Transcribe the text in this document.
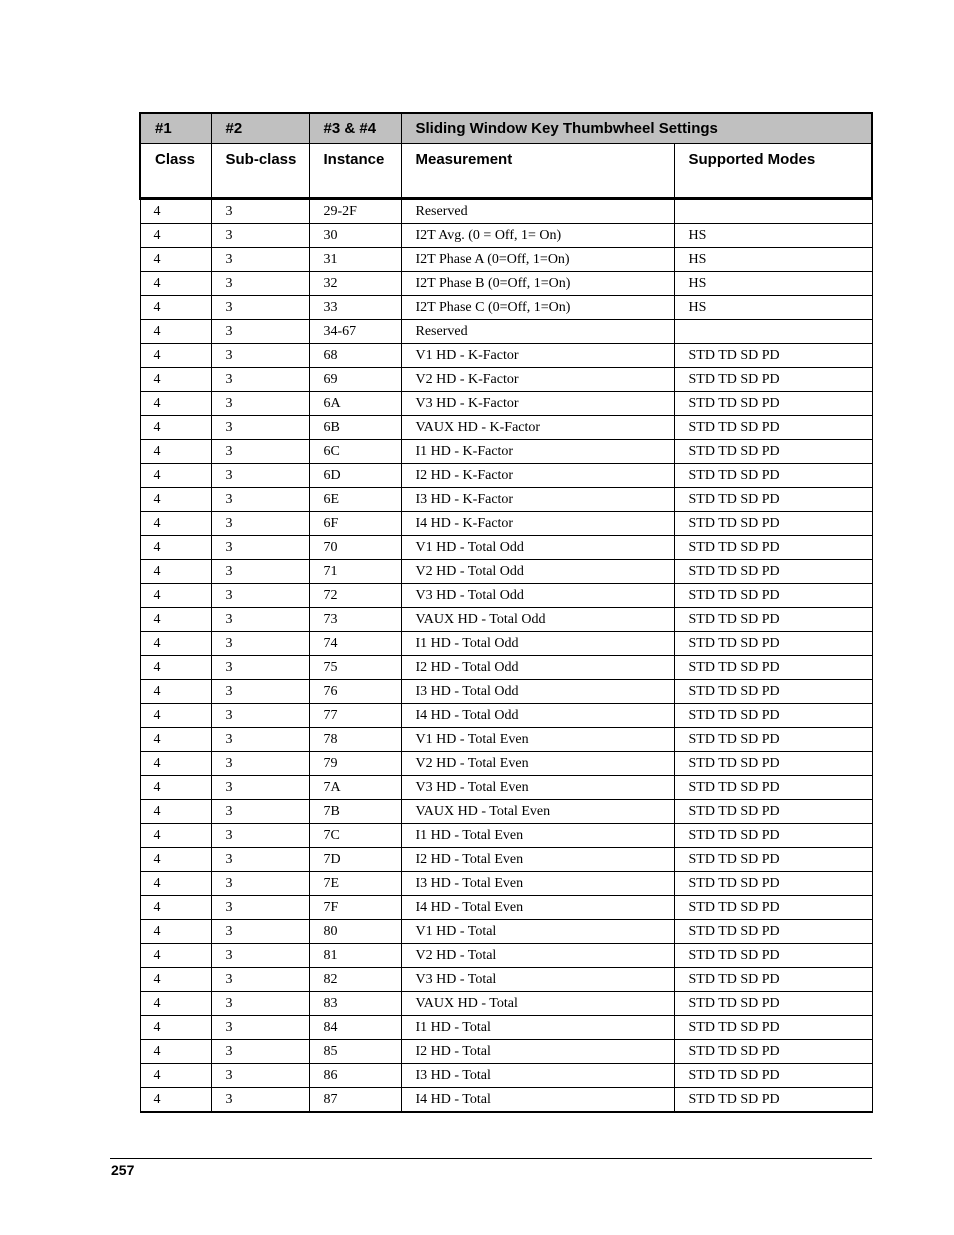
#1	#2	#3 & #4	Sliding Window Key Thumbwheel Settings	
Class	Sub-class	Instance	Measurement	Supported Modes
4	3	29-2F	Reserved	
4	3	30	I2T Avg. (0 = Off, 1= On)	HS
4	3	31	I2T Phase A (0=Off, 1=On)	HS
4	3	32	I2T Phase B (0=Off, 1=On)	HS
4	3	33	I2T Phase C (0=Off, 1=On)	HS
4	3	34-67	Reserved	
4	3	68	V1 HD - K-Factor	STD TD SD PD
4	3	69	V2 HD - K-Factor	STD TD SD PD
4	3	6A	V3 HD - K-Factor	STD TD SD PD
4	3	6B	VAUX HD - K-Factor	STD TD SD PD
4	3	6C	I1 HD - K-Factor	STD TD SD PD
4	3	6D	I2 HD - K-Factor	STD TD SD PD
4	3	6E	I3 HD - K-Factor	STD TD SD PD
4	3	6F	I4 HD - K-Factor	STD TD SD PD
4	3	70	V1 HD - Total Odd	STD TD SD PD
4	3	71	V2 HD - Total Odd	STD TD SD PD
4	3	72	V3 HD - Total Odd	STD TD SD PD
4	3	73	VAUX HD - Total Odd	STD TD SD PD
4	3	74	I1 HD - Total Odd	STD TD SD PD
4	3	75	I2 HD - Total Odd	STD TD SD PD
4	3	76	I3 HD - Total Odd	STD TD SD PD
4	3	77	I4 HD - Total Odd	STD TD SD PD
4	3	78	V1 HD - Total Even	STD TD SD PD
4	3	79	V2 HD - Total Even	STD TD SD PD
4	3	7A	V3 HD - Total Even	STD TD SD PD
4	3	7B	VAUX HD - Total Even	STD TD SD PD
4	3	7C	I1 HD - Total Even	STD TD SD PD
4	3	7D	I2 HD - Total Even	STD TD SD PD
4	3	7E	I3 HD - Total Even	STD TD SD PD
4	3	7F	I4 HD - Total Even	STD TD SD PD
4	3	80	V1 HD - Total	STD TD SD PD
4	3	81	V2 HD - Total	STD TD SD PD
4	3	82	V3 HD - Total	STD TD SD PD
4	3	83	VAUX HD - Total	STD TD SD PD
4	3	84	I1 HD - Total	STD TD SD PD
4	3	85	I2 HD - Total	STD TD SD PD
4	3	86	I3 HD - Total	STD TD SD PD
4	3	87	I4 HD - Total	STD TD SD PD
257
